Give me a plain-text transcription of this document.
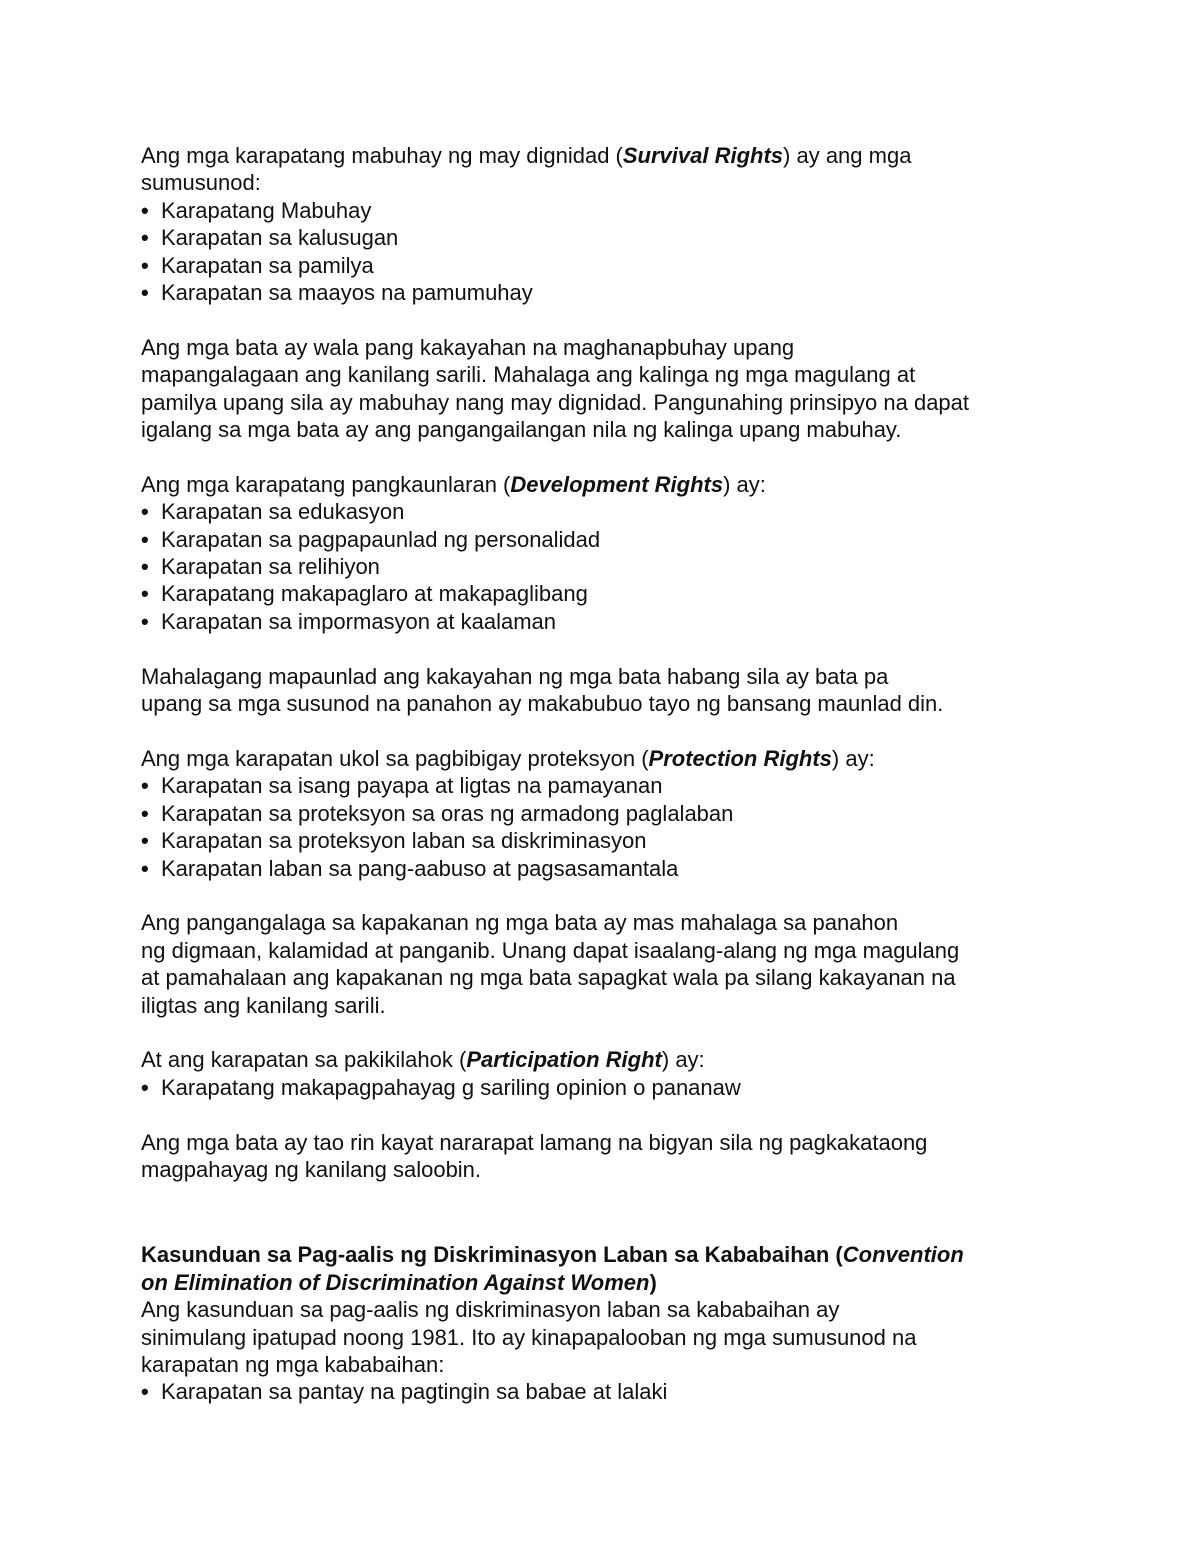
Ang mga karapatang mabuhay ng may dignidad (Survival Rights) ay ang mga
sumusunod:
• Karapatang Mabuhay
• Karapatan sa kalusugan
• Karapatan sa pamilya
• Karapatan sa maayos na pamumuhay
Ang mga bata ay wala pang kakayahan na maghanapbuhay upang
mapangalagaan ang kanilang sarili. Mahalaga ang kalinga ng mga magulang at
pamilya upang sila ay mabuhay nang may dignidad. Pangunahing prinsipyo na dapat
igalang sa mga bata ay ang pangangailangan nila ng kalinga upang mabuhay.
Ang mga karapatang pangkaunlaran (Development Rights) ay:
• Karapatan sa edukasyon
• Karapatan sa pagpapaunlad ng personalidad
• Karapatan sa relihiyon
• Karapatang makapaglaro at makapaglibang
• Karapatan sa impormasyon at kaalaman
Mahalagang mapaunlad ang kakayahan ng mga bata habang sila ay bata pa
upang sa mga susunod na panahon ay makabubuo tayo ng bansang maunlad din.
Ang mga karapatan ukol sa pagbibigay proteksyon (Protection Rights) ay:
• Karapatan sa isang payapa at ligtas na pamayanan
• Karapatan sa proteksyon sa oras ng armadong paglalaban
• Karapatan sa proteksyon laban sa diskriminasyon
• Karapatan laban sa pang-aabuso at pagsasamantala
Ang pangangalaga sa kapakanan ng mga bata ay mas mahalaga sa panahon
ng digmaan, kalamidad at panganib. Unang dapat isaalang-alang ng mga magulang
at pamahalaan ang kapakanan ng mga bata sapagkat wala pa silang kakayanan na
iligtas ang kanilang sarili.
At ang karapatan sa pakikilahok (Participation Right) ay:
• Karapatang makapagpahayag g sariling opinion o pananaw
Ang mga bata ay tao rin kayat nararapat lamang na bigyan sila ng pagkakataong
magpahayag ng kanilang saloobin.
Kasunduan sa Pag-aalis ng Diskriminasyon Laban sa Kababaihan (Convention
on Elimination of Discrimination Against Women)
Ang kasunduan sa pag-aalis ng diskriminasyon laban sa kababaihan ay
sinimulang ipatupad noong 1981. Ito ay kinapapalooban ng mga sumusunod na
karapatan ng mga kababaihan:
• Karapatan sa pantay na pagtingin sa babae at lalaki
